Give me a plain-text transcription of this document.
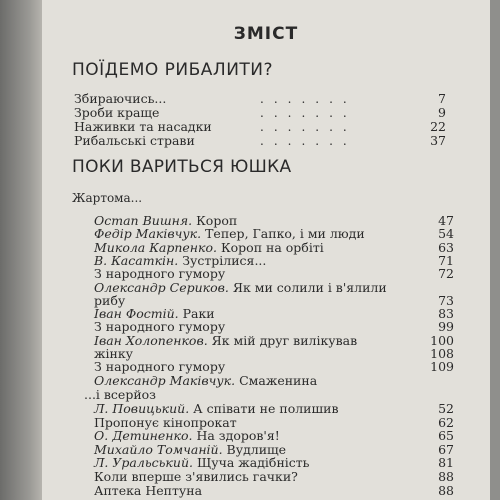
ЗМІСТ
ПОЇДЕМО РИБАЛИТИ?
Збираючись...	.......	7
Зроби краще	.......	9
Наживки та насадки	.......	22
Рибальські страви	.......	37
ПОКИ ВАРИТЬСЯ ЮШКА
Жартома...
Остап Вишня. Короп	47
Федір Маківчук. Тепер, Гапко, і ми люди	54
Микола Карпенко. Короп на орбіті	63
В. Касаткін. Зустрілися...	71
З народного гумору	72
Олександр Сериков. Як ми солили і в'ялили
рибу	73
Іван Фостій. Раки	83
З народного гумору	99
Іван Холопенков. Як мій друг вилікував	100
жінку	108
З народного гумору	109
Олександр Маківчук. Смаженина
...і всерйоз
Л. Повицький. А співати не полишив	52
Пропонує кінопрокат	62
О. Детиненко. На здоров'я!	65
Михайло Томчаній. Вудлище	67
Л. Уральський. Щуча жадібність	81
Коли вперше з'явились гачки?	88
Аптека Нептуна	88
